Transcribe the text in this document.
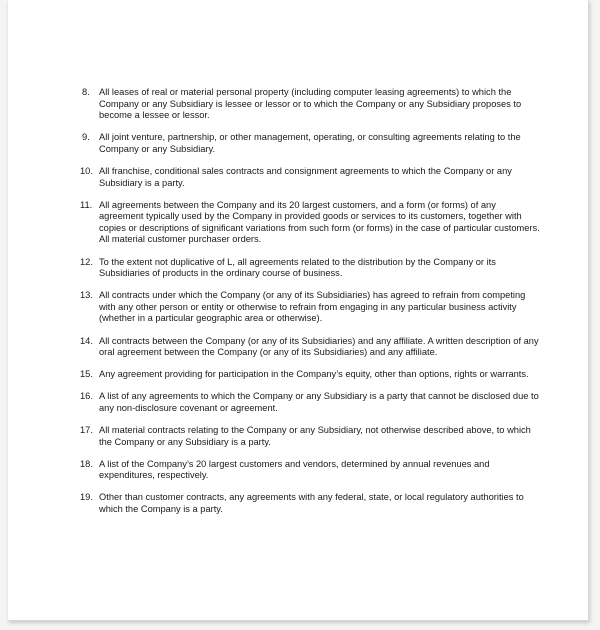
8. All leases of real or material personal property (including computer leasing agreements) to which the Company or any Subsidiary is lessee or lessor or to which the Company or any Subsidiary proposes to become a lessee or lessor.
9. All joint venture, partnership, or other management, operating, or consulting agreements relating to the Company or any Subsidiary.
10. All franchise, conditional sales contracts and consignment agreements to which the Company or any Subsidiary is a party.
11. All agreements between the Company and its 20 largest customers, and a form (or forms) of any agreement typically used by the Company in provided goods or services to its customers, together with copies or descriptions of significant variations from such form (or forms) in the case of particular customers. All material customer purchaser orders.
12. To the extent not duplicative of L, all agreements related to the distribution by the Company or its Subsidiaries of products in the ordinary course of business.
13. All contracts under which the Company (or any of its Subsidiaries) has agreed to refrain from competing with any other person or entity or otherwise to refrain from engaging in any particular business activity (whether in a particular geographic area or otherwise).
14. All contracts between the Company (or any of its Subsidiaries) and any affiliate. A written description of any oral agreement between the Company (or any of its Subsidiaries) and any affiliate.
15. Any agreement providing for participation in the Company’s equity, other than options, rights or warrants.
16. A list of any agreements to which the Company or any Subsidiary is a party that cannot be disclosed due to any non-disclosure covenant or agreement.
17. All material contracts relating to the Company or any Subsidiary, not otherwise described above, to which the Company or any Subsidiary is a party.
18. A list of the Company’s 20 largest customers and vendors, determined by annual revenues and expenditures, respectively.
19. Other than customer contracts, any agreements with any federal, state, or local regulatory authorities to which the Company is a party.
